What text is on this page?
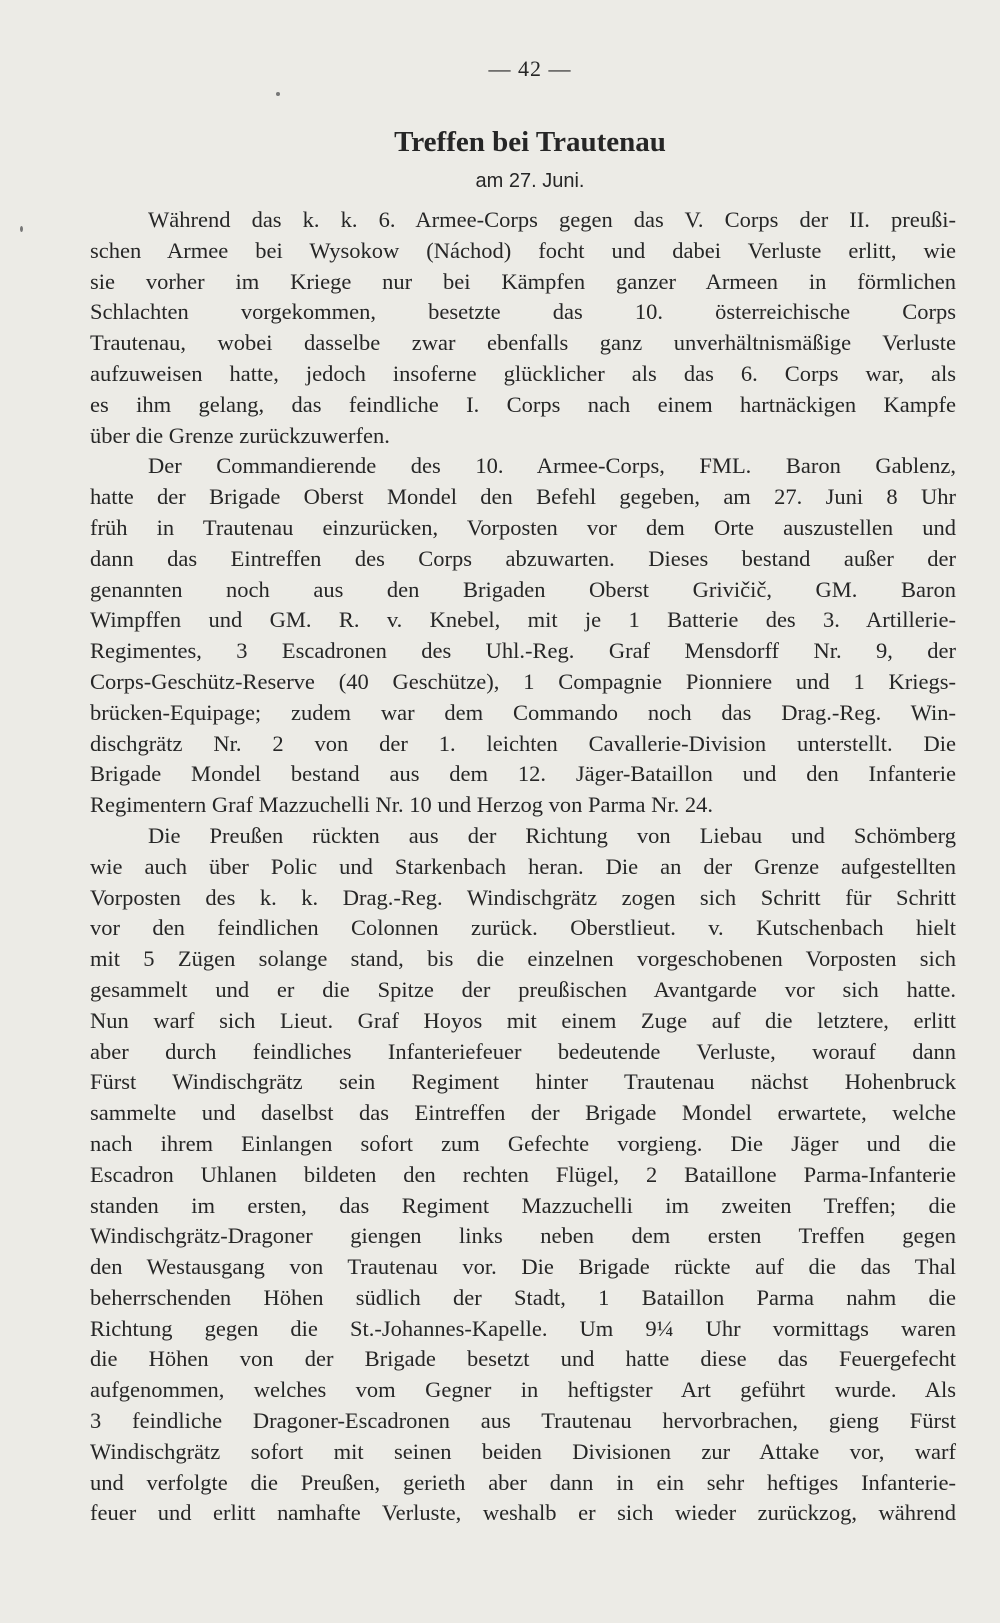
— 42 —
Treffen bei Trautenau
am 27. Juni.
Während das k. k. 6. Armee-Corps gegen das V. Corps der II. preußi-
schen Armee bei Wysokow (Náchod) focht und dabei Verluste erlitt, wie
sie vorher im Kriege nur bei Kämpfen ganzer Armeen in förmlichen
Schlachten vorgekommen, besetzte das 10. österreichische Corps
Trautenau, wobei dasselbe zwar ebenfalls ganz unverhältnismäßige Verluste
aufzuweisen hatte, jedoch insoferne glücklicher als das 6. Corps war, als
es ihm gelang, das feindliche I. Corps nach einem hartnäckigen Kampfe
über die Grenze zurückzuwerfen.
Der Commandierende des 10. Armee-Corps, FML. Baron Gablenz,
hatte der Brigade Oberst Mondel den Befehl gegeben, am 27. Juni 8 Uhr
früh in Trautenau einzurücken, Vorposten vor dem Orte auszustellen und
dann das Eintreffen des Corps abzuwarten. Dieses bestand außer der
genannten noch aus den Brigaden Oberst Grivičič, GM. Baron
Wimpffen und GM. R. v. Knebel, mit je 1 Batterie des 3. Artillerie-
Regimentes, 3 Escadronen des Uhl.-Reg. Graf Mensdorff Nr. 9, der
Corps-Geschütz-Reserve (40 Geschütze), 1 Compagnie Pionniere und 1 Kriegs-
brücken-Equipage; zudem war dem Commando noch das Drag.-Reg. Win-
dischgrätz Nr. 2 von der 1. leichten Cavallerie-Division unterstellt. Die
Brigade Mondel bestand aus dem 12. Jäger-Bataillon und den Infanterie
Regimentern Graf Mazzuchelli Nr. 10 und Herzog von Parma Nr. 24.
Die Preußen rückten aus der Richtung von Liebau und Schömberg
wie auch über Polic und Starkenbach heran. Die an der Grenze aufgestellten
Vorposten des k. k. Drag.-Reg. Windischgrätz zogen sich Schritt für Schritt
vor den feindlichen Colonnen zurück. Oberstlieut. v. Kutschenbach hielt
mit 5 Zügen solange stand, bis die einzelnen vorgeschobenen Vorposten sich
gesammelt und er die Spitze der preußischen Avantgarde vor sich hatte.
Nun warf sich Lieut. Graf Hoyos mit einem Zuge auf die letztere, erlitt
aber durch feindliches Infanteriefeuer bedeutende Verluste, worauf dann
Fürst Windischgrätz sein Regiment hinter Trautenau nächst Hohenbruck
sammelte und daselbst das Eintreffen der Brigade Mondel erwartete, welche
nach ihrem Einlangen sofort zum Gefechte vorgieng. Die Jäger und die
Escadron Uhlanen bildeten den rechten Flügel, 2 Bataillone Parma-Infanterie
standen im ersten, das Regiment Mazzuchelli im zweiten Treffen; die
Windischgrätz-Dragoner giengen links neben dem ersten Treffen gegen
den Westausgang von Trautenau vor. Die Brigade rückte auf die das Thal
beherrschenden Höhen südlich der Stadt, 1 Bataillon Parma nahm die
Richtung gegen die St.-Johannes-Kapelle. Um 9¼ Uhr vormittags waren
die Höhen von der Brigade besetzt und hatte diese das Feuergefecht
aufgenommen, welches vom Gegner in heftigster Art geführt wurde. Als
3 feindliche Dragoner-Escadronen aus Trautenau hervorbrachen, gieng Fürst
Windischgrätz sofort mit seinen beiden Divisionen zur Attake vor, warf
und verfolgte die Preußen, gerieth aber dann in ein sehr heftiges Infanterie-
feuer und erlitt namhafte Verluste, weshalb er sich wieder zurückzog, während
